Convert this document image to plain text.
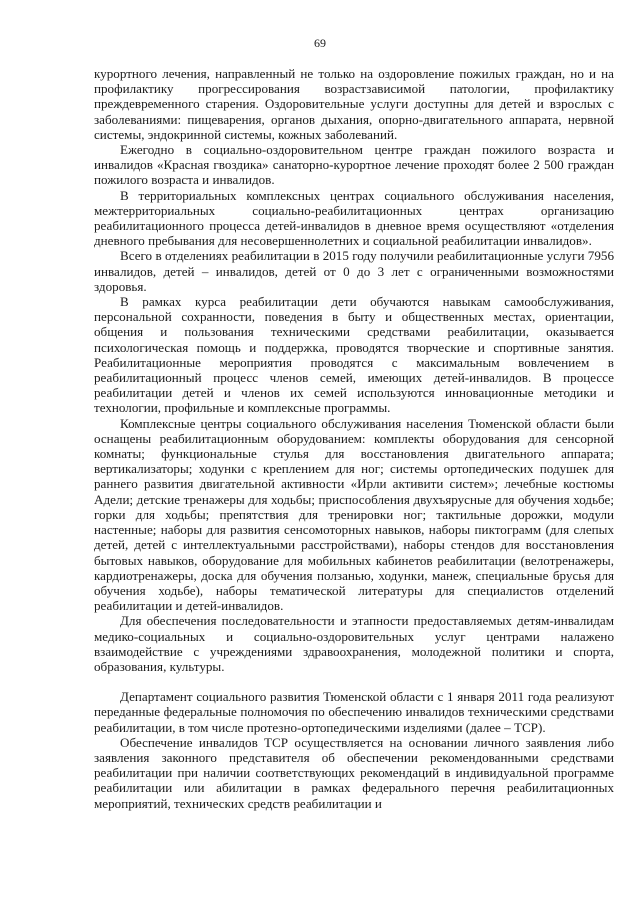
69

курортного лечения, направленный не только на оздоровление пожилых граждан, но и на профилактику прогрессирования возрастзависимой патологии, профилактику преждевременного старения. Оздоровительные услуги доступны для детей и взрослых с заболеваниями: пищеварения, органов дыхания, опорно-двигательного аппарата, нервной системы, эндокринной системы, кожных заболеваний.

Ежегодно в социально-оздоровительном центре граждан пожилого возраста и инвалидов «Красная гвоздика» санаторно-курортное лечение проходят более 2 500 граждан пожилого возраста и инвалидов.

В территориальных комплексных центрах социального обслуживания населения, межтерриториальных социально-реабилитационных центрах организацию реабилитационного процесса детей-инвалидов в дневное время осуществляют «отделения дневного пребывания для несовершеннолетних и социальной реабилитации инвалидов».

Всего в отделениях реабилитации в 2015 году получили реабилитационные услуги 7956 инвалидов, детей – инвалидов, детей от 0 до 3 лет с ограниченными возможностями здоровья.

В рамках курса реабилитации дети обучаются навыкам самообслуживания, персональной сохранности, поведения в быту и общественных местах, ориентации, общения и пользования техническими средствами реабилитации, оказывается психологическая помощь и поддержка, проводятся творческие и спортивные занятия. Реабилитационные мероприятия проводятся с максимальным вовлечением в реабилитационный процесс членов семей, имеющих детей-инвалидов. В процессе реабилитации детей и членов их семей используются инновационные методики и технологии, профильные и комплексные программы.

Комплексные центры социального обслуживания населения Тюменской области были оснащены реабилитационным оборудованием: комплекты оборудования для сенсорной комнаты; функциональные стулья для восстановления двигательного аппарата; вертикализаторы; ходунки с креплением для ног; системы ортопедических подушек для раннего развития двигательной активности «Ирли активити систем»; лечебные костюмы Адели; детские тренажеры для ходьбы; приспособления двухъярусные для обучения ходьбе; горки для ходьбы; препятствия для тренировки ног; тактильные дорожки, модули настенные; наборы для развития сенсомоторных навыков, наборы пиктограмм (для слепых детей, детей с интеллектуальными расстройствами), наборы стендов для восстановления бытовых навыков, оборудование для мобильных кабинетов реабилитации (велотренажеры, кардиотренажеры, доска для обучения ползанью, ходунки, манеж, специальные брусья для обучения ходьбе), наборы тематической литературы для специалистов отделений реабилитации и детей-инвалидов.

Для обеспечения последовательности и этапности предоставляемых детям-инвалидам медико-социальных и социально-оздоровительных услуг центрами налажено взаимодействие с учреждениями здравоохранения, молодежной политики и спорта, образования, культуры.

Департамент социального развития Тюменской области с 1 января 2011 года реализуют переданные федеральные полномочия по обеспечению инвалидов техническими средствами реабилитации, в том числе протезно-ортопедическими изделиями (далее – ТСР).

Обеспечение инвалидов ТСР осуществляется на основании личного заявления либо заявления законного представителя об обеспечении рекомендованными средствами реабилитации при наличии соответствующих рекомендаций в индивидуальной программе реабилитации или абилитации в рамках федерального перечня реабилитационных мероприятий, технических средств реабилитации и
